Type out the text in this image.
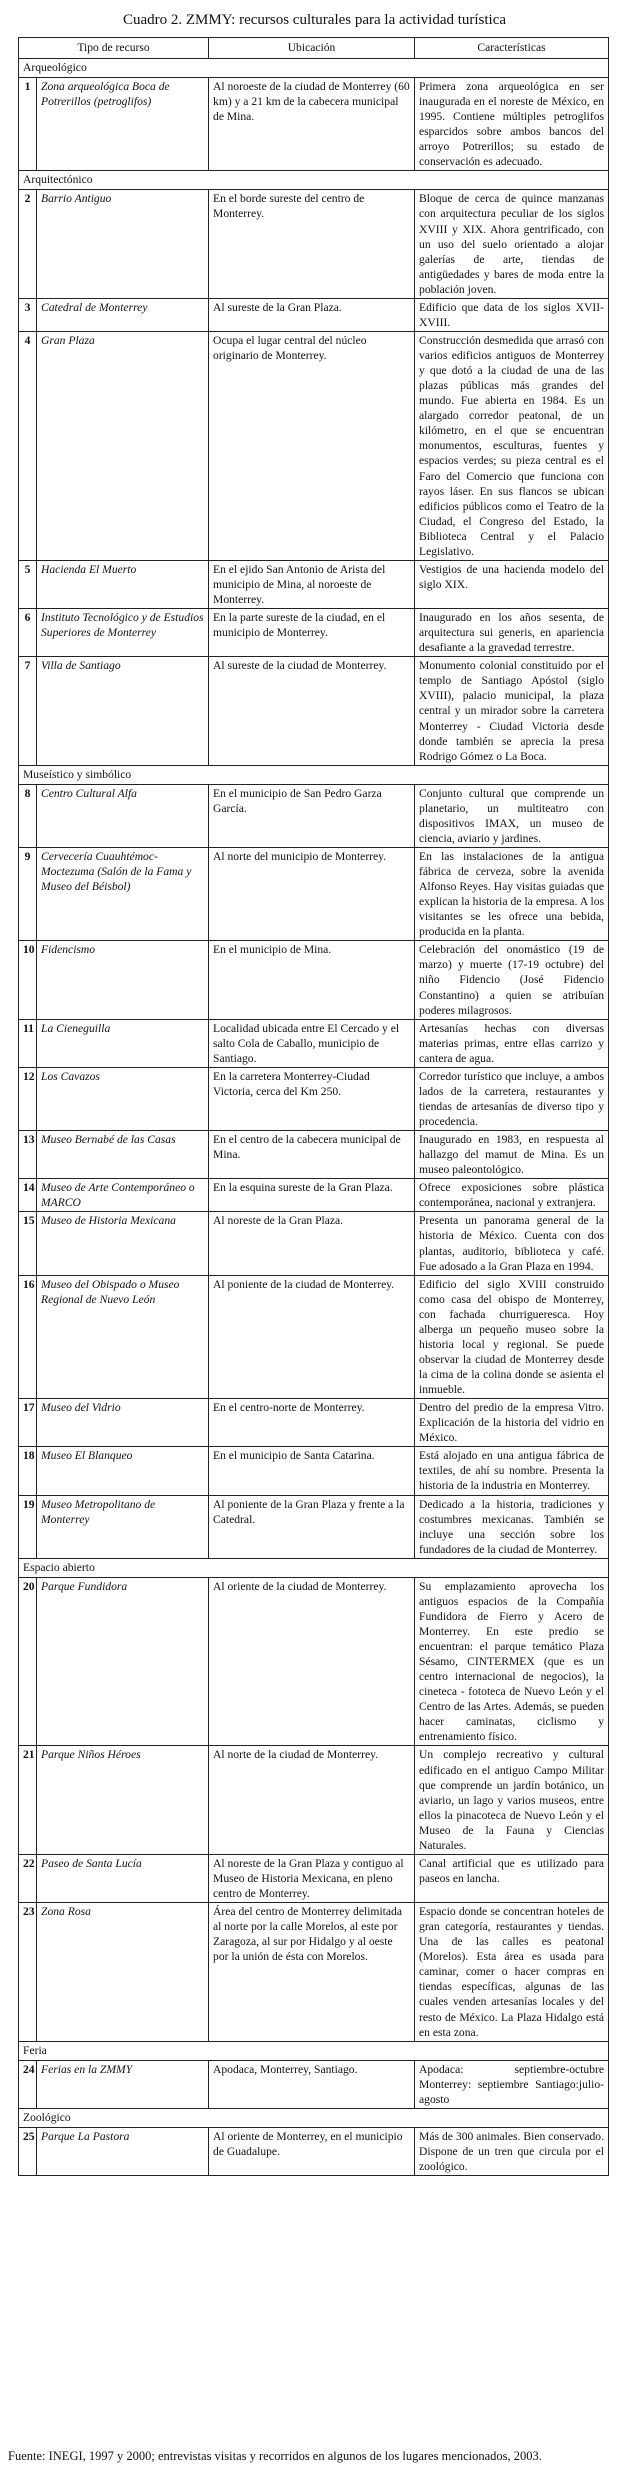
Cuadro 2. ZMMY: recursos culturales para la actividad turística
Tipo de recurso		Ubicación	Características
Arqueológico			
1	Zona arqueológica Boca de Potrerillos (petroglifos)	Al noroeste de la ciudad de Monterrey (60 km) y a 21 km de la cabecera municipal de Mina.	Primera zona arqueológica en ser inaugurada en el noreste de México, en 1995. Contiene múltiples petroglifos esparcidos sobre ambos bancos del arroyo Potrerillos; su estado de conservación es adecuado.
Arquitectónico			
2	Barrio Antiguo	En el borde sureste del centro de Monterrey.	Bloque de cerca de quince manzanas con arquitectura peculiar de los siglos XVIII y XIX. Ahora gentrificado, con un uso del suelo orientado a alojar galerías de arte, tiendas de antigüedades y bares de moda entre la población joven.
3	Catedral de Monterrey	Al sureste de la Gran Plaza.	Edificio que data de los siglos XVII-XVIII.
4	Gran Plaza	Ocupa el lugar central del núcleo originario de Monterrey.	Construcción desmedida que arrasó con varios edificios antiguos de Monterrey y que dotó a la ciudad de una de las plazas públicas más grandes del mundo. Fue abierta en 1984. Es un alargado corredor peatonal, de un kilómetro, en el que se encuentran monumentos, esculturas, fuentes y espacios verdes; su pieza central es el Faro del Comercio que funciona con rayos láser. En sus flancos se ubican edificios públicos como el Teatro de la Ciudad, el Congreso del Estado, la Biblioteca Central y el Palacio Legislativo.
5	Hacienda El Muerto	En el ejido San Antonio de Arista del municipio de Mina, al noroeste de Monterrey.	Vestigios de una hacienda modelo del siglo XIX.
6	Instituto Tecnológico y de Estudios Superiores de Monterrey	En la parte sureste de la ciudad, en el municipio de Monterrey.	Inaugurado en los años sesenta, de arquitectura sui generis, en apariencia desafiante a la gravedad terrestre.
7	Villa de Santiago	Al sureste de la ciudad de Monterrey.	Monumento colonial constituido por el templo de Santiago Apóstol (siglo XVIII), palacio municipal, la plaza central y un mirador sobre la carretera Monterrey - Ciudad Victoria desde donde también se aprecia la presa Rodrigo Gómez o La Boca.
Museístico y simbólico			
8	Centro Cultural Alfa	En el municipio de San Pedro Garza García.	Conjunto cultural que comprende un planetario, un multiteatro con dispositivos IMAX, un museo de ciencia, aviario y jardines.
9	Cervecería Cuauhtémoc-Moctezuma (Salón de la Fama y Museo del Béisbol)	Al norte del municipio de Monterrey.	En las instalaciones de la antigua fábrica de cerveza, sobre la avenida Alfonso Reyes. Hay visitas guiadas que explican la historia de la empresa. A los visitantes se les ofrece una bebida, producida en la planta.
10	Fidencismo	En el municipio de Mina.	Celebración del onomástico (19 de marzo) y muerte (17-19 octubre) del niño Fidencio (José Fidencio Constantino) a quien se atribuían poderes milagrosos.
11	La Cieneguilla	Localidad ubicada entre El Cercado y el salto Cola de Caballo, municipio de Santiago.	Artesanías hechas con diversas materias primas, entre ellas carrizo y cantera de agua.
12	Los Cavazos	En la carretera Monterrey-Ciudad Victoria, cerca del Km 250.	Corredor turístico que incluye, a ambos lados de la carretera, restaurantes y tiendas de artesanías de diverso tipo y procedencia.
13	Museo Bernabé de las Casas	En el centro de la cabecera municipal de Mina.	Inaugurado en 1983, en respuesta al hallazgo del mamut de Mina. Es un museo paleontológico.
14	Museo de Arte Contemporáneo o MARCO	En la esquina sureste de la Gran Plaza.	Ofrece exposiciones sobre plástica contemporánea, nacional y extranjera.
15	Museo de Historia Mexicana	Al noreste de la Gran Plaza.	Presenta un panorama general de la historia de México. Cuenta con dos plantas, auditorio, biblioteca y café. Fue adosado a la Gran Plaza en 1994.
16	Museo del Obispado o Museo Regional de Nuevo León	Al poniente de la ciudad de Monterrey.	Edificio del siglo XVIII construido como casa del obispo de Monterrey, con fachada churrigueresca. Hoy alberga un pequeño museo sobre la historia local y regional. Se puede observar la ciudad de Monterrey desde la cima de la colina donde se asienta el inmueble.
17	Museo del Vidrio	En el centro-norte de Monterrey.	Dentro del predio de la empresa Vitro. Explicación de la historia del vidrio en México.
18	Museo El Blanqueo	En el municipio de Santa Catarina.	Está alojado en una antigua fábrica de textiles, de ahí su nombre. Presenta la historia de la industria en Monterrey.
19	Museo Metropolitano de Monterrey	Al poniente de la Gran Plaza y frente a la Catedral.	Dedicado a la historia, tradiciones y costumbres mexicanas. También se incluye una sección sobre los fundadores de la ciudad de Monterrey.
Espacio abierto			
20	Parque Fundidora	Al oriente de la ciudad de Monterrey.	Su emplazamiento aprovecha los antiguos espacios de la Compañía Fundidora de Fierro y Acero de Monterrey. En este predio se encuentran: el parque temático Plaza Sésamo, CINTERMEX (que es un centro internacional de negocios), la cineteca - fototeca de Nuevo León y el Centro de las Artes. Además, se pueden hacer caminatas, ciclismo y entrenamiento físico.
21	Parque Niños Héroes	Al norte de la ciudad de Monterrey.	Un complejo recreativo y cultural edificado en el antiguo Campo Militar que comprende un jardín botánico, un aviario, un lago y varios museos, entre ellos la pinacoteca de Nuevo León y el Museo de la Fauna y Ciencias Naturales.
22	Paseo de Santa Lucía	Al noreste de la Gran Plaza y contiguo al Museo de Historia Mexicana, en pleno centro de Monterrey.	Canal artificial que es utilizado para paseos en lancha.
23	Zona Rosa	Área del centro de Monterrey delimitada al norte por la calle Morelos, al este por Zaragoza, al sur por Hidalgo y al oeste por la unión de ésta con Morelos.	Espacio donde se concentran hoteles de gran categoría, restaurantes y tiendas. Una de las calles es peatonal (Morelos). Esta área es usada para caminar, comer o hacer compras en tiendas específicas, algunas de las cuales venden artesanías locales y del resto de México. La Plaza Hidalgo está en esta zona.
Feria			
24	Ferias en la ZMMY	Apodaca, Monterrey, Santiago.	Apodaca: septiembre-octubre Monterrey: septiembre Santiago:julio-agosto
Zoológico			
25	Parque La Pastora	Al oriente de Monterrey, en el municipio de Guadalupe.	Más de 300 animales. Bien conservado. Dispone de un tren que circula por el zoológico.
Fuente: INEGI, 1997 y 2000; entrevistas visitas y recorridos en algunos de los lugares mencionados, 2003.
